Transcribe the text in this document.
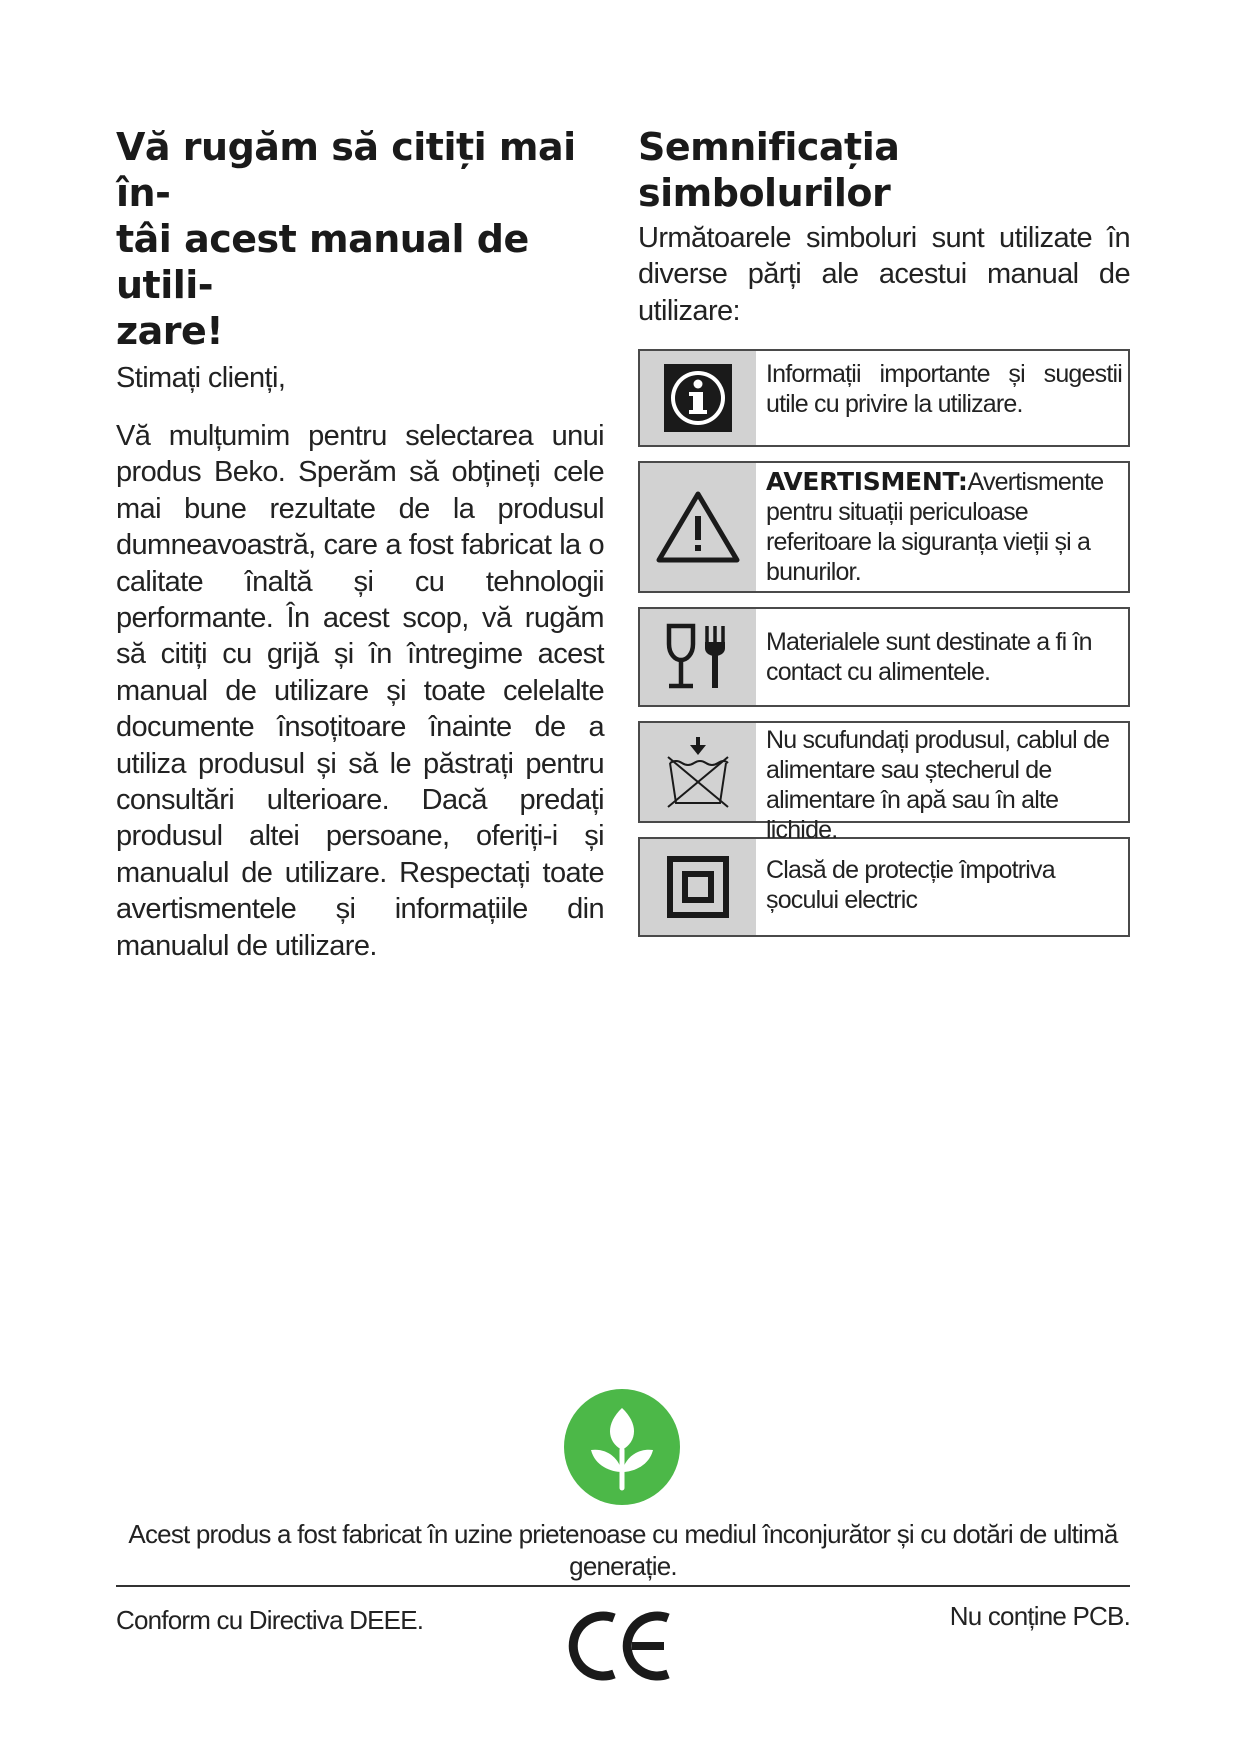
Vă rugăm să citiți mai în-
tâi acest manual de utili-
zare!

Stimați clienți,

Vă mulțumim pentru selectarea unui produs Beko. Sperăm să obțineți cele mai bune rezultate de la produsul dumneavoastră, care a fost fabricat la o calitate înaltă și cu tehnologii performante. În acest scop, vă rugăm să citiți cu grijă și în întregime acest manual de utilizare și toate celelalte documente însoțitoare înainte de a utiliza produsul și să le păstrați pentru consultări ulterioare. Dacă predați produsul altei persoane, oferiți-i și manualul de utilizare. Respectați toate avertismentele și informațiile din manualul de utilizare.

Semnificația simbolurilor

Următoarele simboluri sunt utilizate în diverse părți ale acestui manual de utilizare:

Informații importante și sugestii utile cu privire la utilizare.
AVERTISMENT:Avertismente pentru situații periculoase referitoare la siguranța vieții și a bunurilor.
Materialele sunt destinate a fi în contact cu alimentele.
Nu scufundați produsul, cablul de alimentare sau ștecherul de alimentare în apă sau în alte lichide.
Clasă de protecție împotriva șocului electric
Acest produs a fost fabricat în uzine prietenoase cu mediul înconjurător și cu dotări de ultimă generație.
Conform cu Directiva DEEE.	Nu conține PCB.
